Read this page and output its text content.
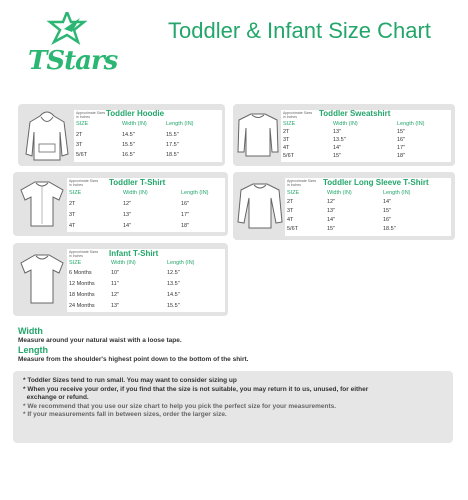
TStars
Toddler & Infant Size Chart
Approximate Sizes in Inches	Toddler Hoodie
SIZE	Width (IN)	Length (IN)
2T	14.5"	15.5"
3T	15.5"	17.5"
5/6T	16.5"	18.5"
Approximate Sizes in Inches	Toddler Sweatshirt
SIZE	Width (IN)	Length (IN)
2T	13"	15"
3T	13.5"	16"
4T	14"	17"
5/6T	15"	18"
Approximate Sizes in Inches	Toddler T-Shirt
SIZE	Width (IN)	Length (IN)
2T	12"	16"
3T	13"	17"
4T	14"	18"
Approximate Sizes in Inches	Toddler Long Sleeve T-Shirt
SIZE	Width (IN)	Length (IN)
2T	12"	14"
3T	13"	15"
4T	14"	16"
5/6T	15"	18.5"
Approximate Sizes in Inches	Infant T-Shirt
SIZE	Width (IN)	Length (IN)
6 Months	10"	12.5"
12 Months	11"	13.5"
18 Months	12"	14.5"
24 Months	13"	15.5"
Width
Measure around your natural waist with a loose tape.
Length
Measure from the shoulder's highest point down to the bottom of the shirt.
* Toddler Sizes tend to run small. You may want to consider sizing up
* When you receive your order, if you find that the size is not suitable, you may return it to us, unused, for either
exchange or refund.
* We recommend that you use our size chart to help you pick the perfect size for your measurements.
* If your measurements fall in between sizes, order the larger size.
